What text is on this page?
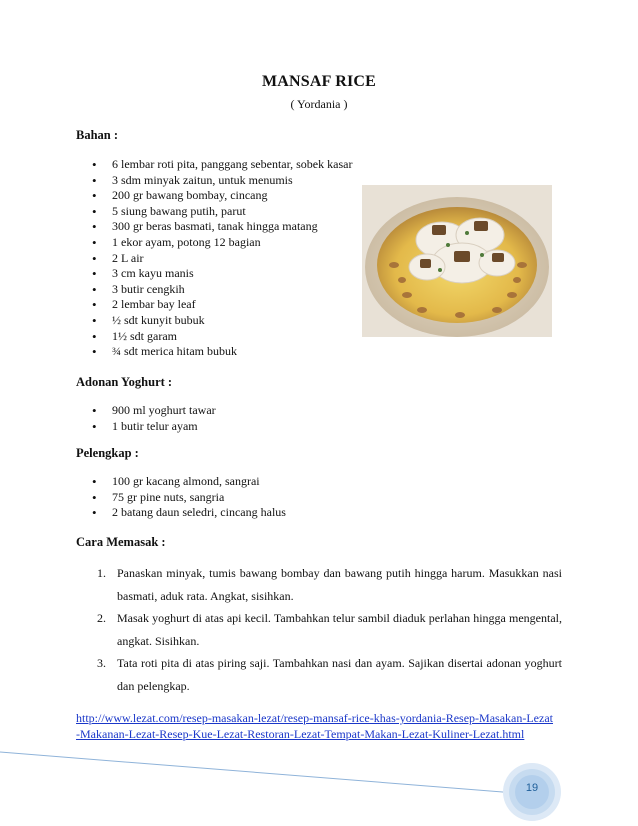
MANSAF RICE
( Yordania )
Bahan :
• 6 lembar roti pita, panggang sebentar, sobek kasar
• 3 sdm minyak zaitun, untuk menumis
• 200 gr bawang bombay, cincang
• 5 siung bawang putih, parut
• 300 gr beras basmati, tanak hingga matang
• 1 ekor ayam, potong 12 bagian
• 2 L air
• 3 cm kayu manis
• 3 butir cengkih
• 2 lembar bay leaf
• ½ sdt kunyit bubuk
• 1½ sdt garam
• ¾ sdt merica hitam bubuk
Adonan Yoghurt :
• 900 ml yoghurt tawar
• 1 butir telur ayam
Pelengkap :
• 100 gr kacang almond, sangrai
• 75 gr pine nuts, sangria
• 2 batang daun seledri, cincang halus
Cara Memasak :
1. Panaskan minyak, tumis bawang bombay dan bawang putih hingga harum. Masukkan nasi basmati, aduk rata. Angkat, sisihkan.
2. Masak yoghurt di atas api kecil. Tambahkan telur sambil diaduk perlahan hingga mengental, angkat. Sisihkan.
3. Tata roti pita di atas piring saji. Tambahkan nasi dan ayam. Sajikan disertai adonan yoghurt dan pelengkap.
http://www.lezat.com/resep-masakan-lezat/resep-mansaf-rice-khas-yordania-Resep-Masakan-Lezat-Makanan-Lezat-Resep-Kue-Lezat-Restoran-Lezat-Tempat-Makan-Lezat-Kuliner-Lezat.html
19
